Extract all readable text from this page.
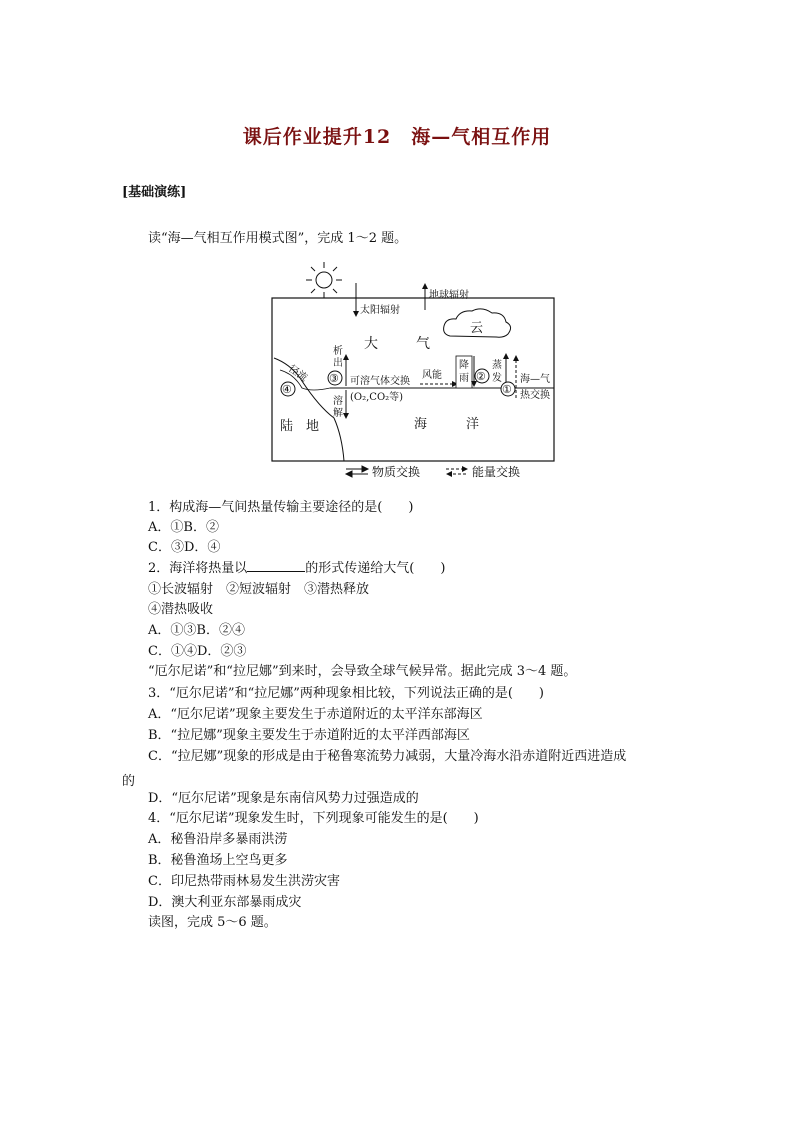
课后作业提升12　海—气相互作用
[基础演练]
读“海—气相互作用模式图”，完成 1～2 题。
太阳辐射
地球辐射
云
大	气
径流
④
陆　地
析
出
③
溶
解
可溶气体交换
(O₂,CO₂等)
风能
降
雨 ②
蒸
发
①
海—气
热交换
海	洋
物质交换	能量交换
1．构成海—气间热量传输主要途径的是(　　)
A．①B．②
C．③D．④
2．海洋将热量以	的形式传递给大气(　　)
①长波辐射　②短波辐射　③潜热释放
④潜热吸收
A．①③B．②④
C．①④D．②③
“厄尔尼诺”和“拉尼娜”到来时，会导致全球气候异常。据此完成 3～4 题。
3．“厄尔尼诺”和“拉尼娜”两种现象相比较，下列说法正确的是(　　)
A．“厄尔尼诺”现象主要发生于赤道附近的太平洋东部海区
B．“拉尼娜”现象主要发生于赤道附近的太平洋西部海区
C．“拉尼娜”现象的形成是由于秘鲁寒流势力减弱，大量冷海水沿赤道附近西进造成
的
D．“厄尔尼诺”现象是东南信风势力过强造成的
4．“厄尔尼诺”现象发生时，下列现象可能发生的是(　　)
A．秘鲁沿岸多暴雨洪涝
B．秘鲁渔场上空鸟更多
C．印尼热带雨林易发生洪涝灾害
D．澳大利亚东部暴雨成灾
读图，完成 5～6 题。
